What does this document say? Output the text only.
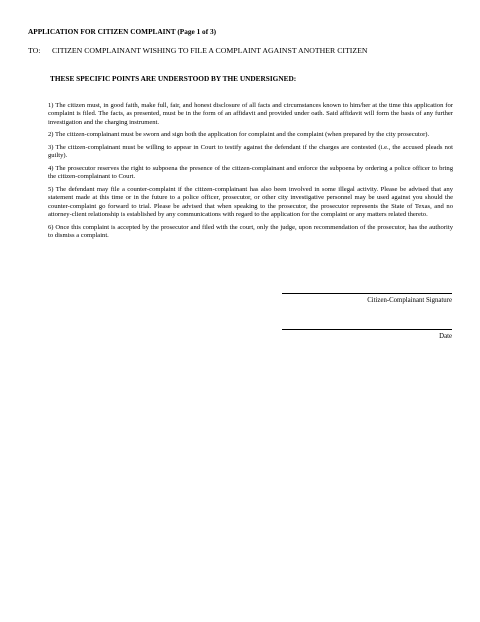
APPLICATION FOR CITIZEN COMPLAINT (Page 1 of 3)
TO: CITIZEN COMPLAINANT WISHING TO FILE A COMPLAINT AGAINST ANOTHER CITIZEN
THESE SPECIFIC POINTS ARE UNDERSTOOD BY THE UNDERSIGNED:

1) The citizen must, in good faith, make full, fair, and honest disclosure of all facts and circumstances known to him/her at the time this application for complaint is filed. The facts, as presented, must be in the form of an affidavit and provided under oath. Said affidavit will form the basis of any further investigation and the charging instrument.

2) The citizen-complainant must be sworn and sign both the application for complaint and the complaint (when prepared by the city prosecutor).

3) The citizen-complainant must be willing to appear in Court to testify against the defendant if the charges are contested (i.e., the accused pleads not guilty).

4) The prosecutor reserves the right to subpoena the presence of the citizen-complainant and enforce the subpoena by ordering a police officer to bring the citizen-complainant to Court.

5) The defendant may file a counter-complaint if the citizen-complainant has also been involved in some illegal activity. Please be advised that any statement made at this time or in the future to a police officer, prosecutor, or other city investigative personnel may be used against you should the counter-complaint go forward to trial. Please be advised that when speaking to the prosecutor, the prosecutor represents the State of Texas, and no attorney-client relationship is established by any communications with regard to the application for the complaint or any matters related thereto.

6) Once this complaint is accepted by the prosecutor and filed with the court, only the judge, upon recommendation of the prosecutor, has the authority to dismiss a complaint.

Citizen-Complainant Signature
Date
